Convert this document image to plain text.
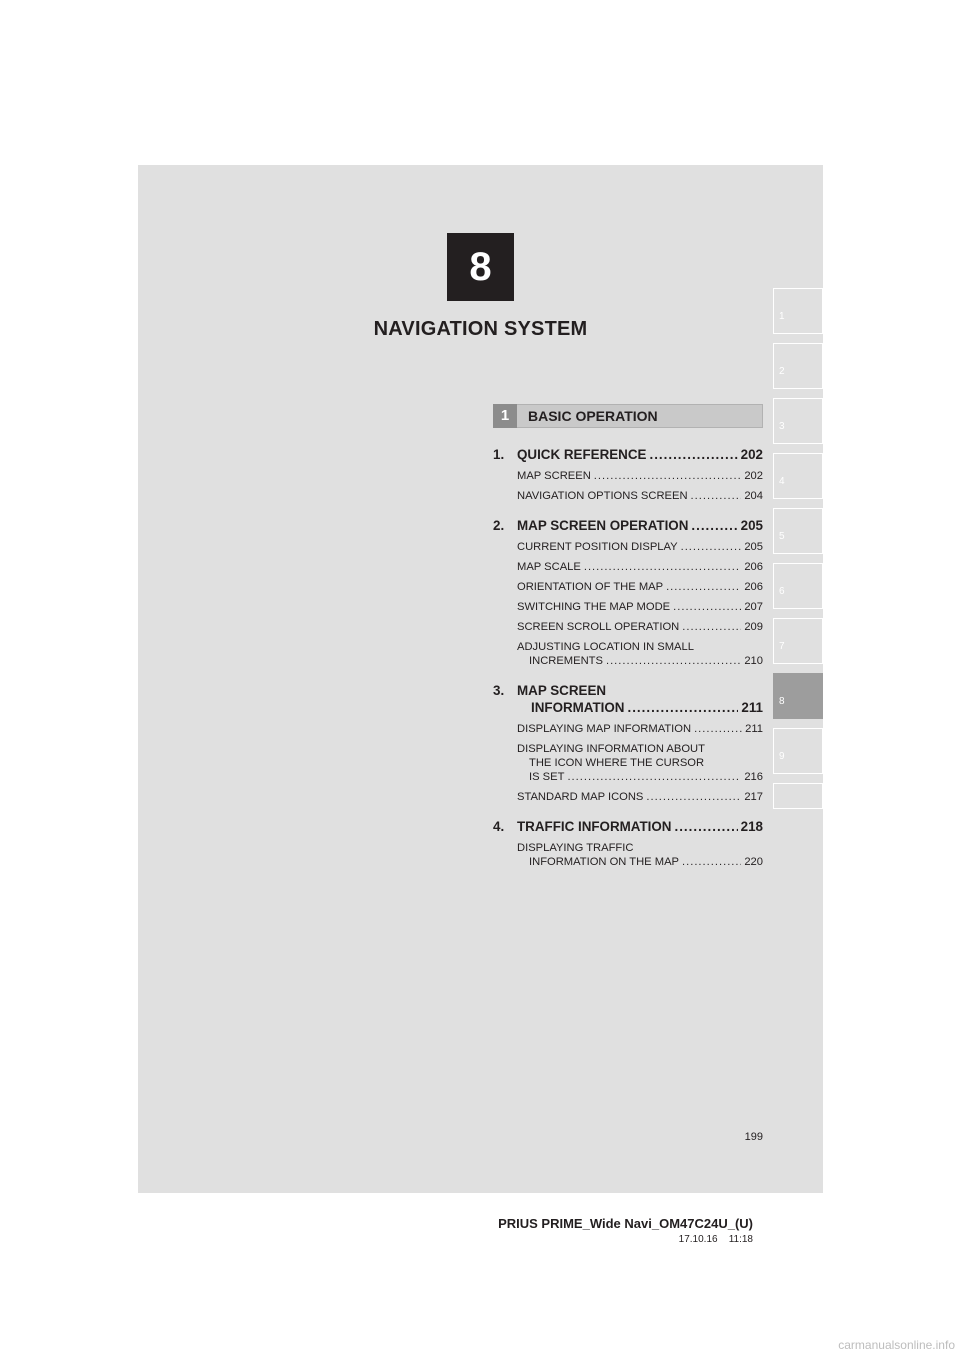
8
NAVIGATION SYSTEM
1
2
3
4
5
6
7
8
9
1	BASIC OPERATION
1. QUICK REFERENCE .....	202
MAP SCREEN .....	202
NAVIGATION OPTIONS SCREEN .....	204
2. MAP SCREEN OPERATION .....	205
CURRENT POSITION DISPLAY .....	205
MAP SCALE .....	206
ORIENTATION OF THE MAP .....	206
SWITCHING THE MAP MODE .....	207
SCREEN SCROLL OPERATION .....	209
ADJUSTING LOCATION IN SMALL
INCREMENTS .....	210
3. MAP SCREEN
INFORMATION .....	211
DISPLAYING MAP INFORMATION .....	211
DISPLAYING INFORMATION ABOUT
THE ICON WHERE THE CURSOR
IS SET .....	216
STANDARD MAP ICONS .....	217
4. TRAFFIC INFORMATION .....	218
DISPLAYING TRAFFIC
INFORMATION ON THE MAP .....	220
199
PRIUS PRIME_Wide Navi_OM47C24U_(U)
17.10.16 11:18
carmanualsonline.info
